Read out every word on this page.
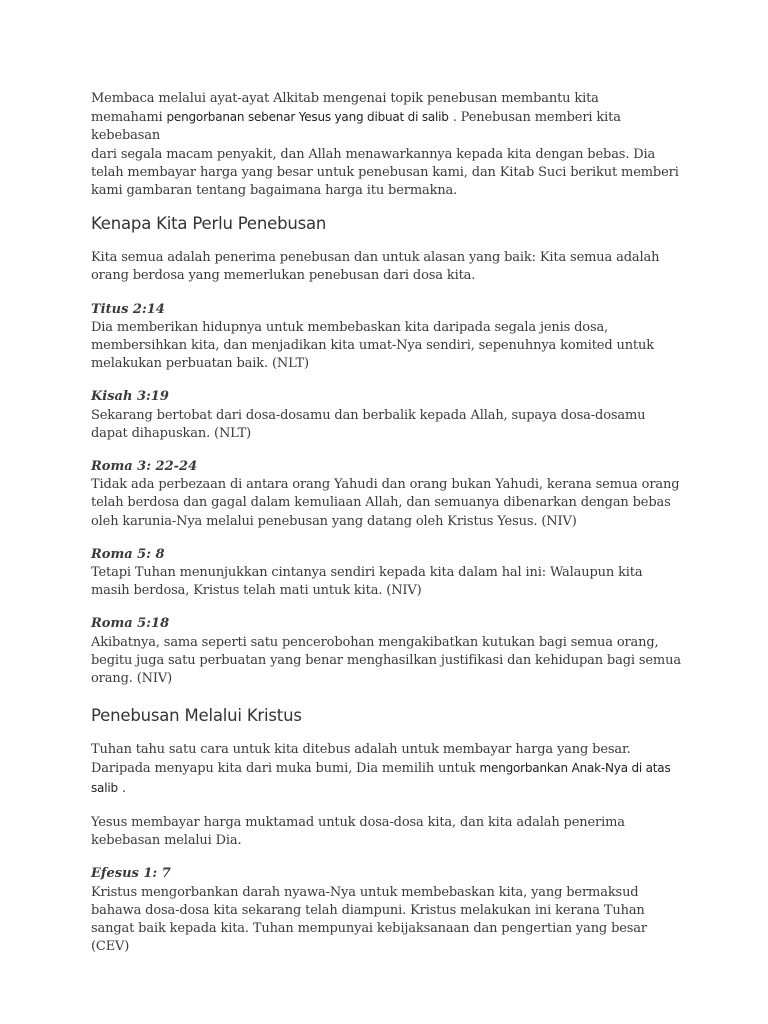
Membaca melalui ayat-ayat Alkitab mengenai topik penebusan membantu kita
memahami pengorbanan sebenar Yesus yang dibuat di salib . Penebusan memberi kita kebebasan

dari segala macam penyakit, dan Allah menawarkannya kepada kita dengan bebas. Dia telah membayar harga yang besar untuk penebusan kami, dan Kitab Suci berikut memberi kami gambaran tentang bagaimana harga itu bermakna.

Kenapa Kita Perlu Penebusan

Kita semua adalah penerima penebusan dan untuk alasan yang baik: Kita semua adalah orang berdosa yang memerlukan penebusan dari dosa kita.

Titus 2:14

Dia memberikan hidupnya untuk membebaskan kita daripada segala jenis dosa, membersihkan kita, dan menjadikan kita umat-Nya sendiri, sepenuhnya komited untuk melakukan perbuatan baik. (NLT)

Kisah 3:19

Sekarang bertobat dari dosa-dosamu dan berbalik kepada Allah, supaya dosa-dosamu dapat dihapuskan. (NLT)

Roma 3: 22-24

Tidak ada perbezaan di antara orang Yahudi dan orang bukan Yahudi, kerana semua orang telah berdosa dan gagal dalam kemuliaan Allah, dan semuanya dibenarkan dengan bebas oleh karunia-Nya melalui penebusan yang datang oleh Kristus Yesus. (NIV)

Roma 5: 8

Tetapi Tuhan menunjukkan cintanya sendiri kepada kita dalam hal ini: Walaupun kita masih berdosa, Kristus telah mati untuk kita. (NIV)

Roma 5:18

Akibatnya, sama seperti satu pencerobohan mengakibatkan kutukan bagi semua orang, begitu juga satu perbuatan yang benar menghasilkan justifikasi dan kehidupan bagi semua orang. (NIV)

Penebusan Melalui Kristus

Tuhan tahu satu cara untuk kita ditebus adalah untuk membayar harga yang besar. Daripada menyapu kita dari muka bumi, Dia memilih untuk mengorbankan Anak-Nya di atas salib .

Yesus membayar harga muktamad untuk dosa-dosa kita, dan kita adalah penerima kebebasan melalui Dia.

Efesus 1: 7

Kristus mengorbankan darah nyawa-Nya untuk membebaskan kita, yang bermaksud bahawa dosa-dosa kita sekarang telah diampuni. Kristus melakukan ini kerana Tuhan sangat baik kepada kita. Tuhan mempunyai kebijaksanaan dan pengertian yang besar (CEV)
